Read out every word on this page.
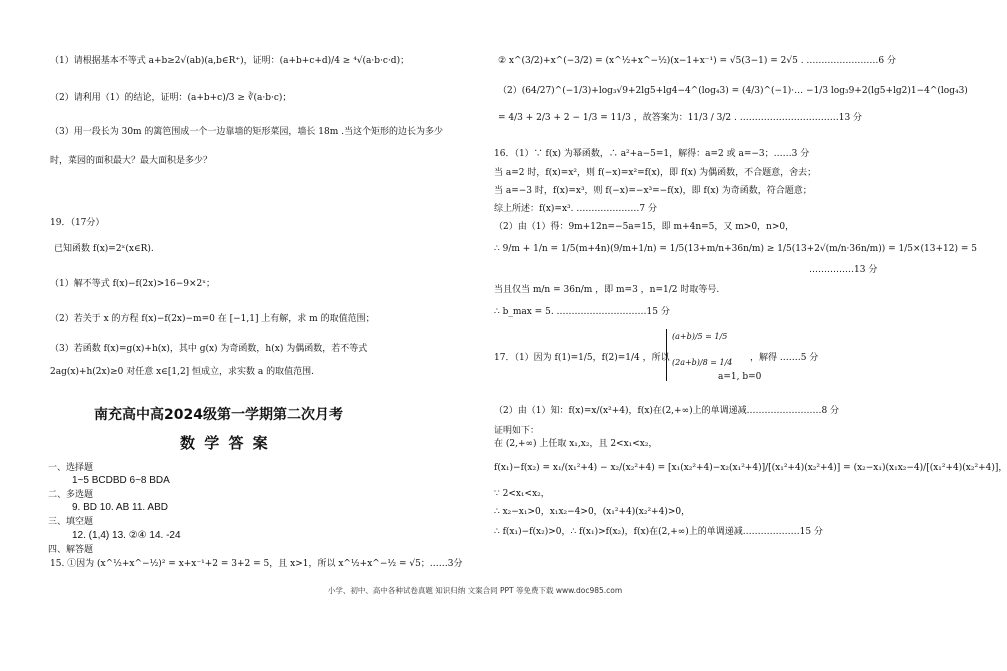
南充高中高2024级第一学期第二次月考
数 学 答 案
15. ①因为 (x^½+x^−½)² = x+x⁻¹+2 = 3+2 = 5，且 x>1，所以 x^½+x^−½ = √5；……3分
(a+b)/5 = 1/5
(2a+b)/8 = 1/4
小学、初中、高中各种试卷真题 知识归纳 文案合同 PPT 等免费下载 www.doc985.com
（1）请根据基本不等式 a+b≥2√(ab)(a,b∈R⁺)，证明：(a+b+c+d)/4 ≥ ⁴√(a·b·c·d)；
（2）请利用（1）的结论，证明：(a+b+c)/3 ≥ ∛(a·b·c)；
（3）用一段长为 30m 的篱笆围成一个一边靠墙的矩形菜园，墙长 18m .当这个矩形的边长为多少
时，菜园的面积最大？最大面积是多少？
19．（17分）
已知函数 f(x)=2ˣ(x∈R).
（1）解不等式 f(x)−f(2x)>16−9×2ˣ；
（2）若关于 x 的方程 f(x)−f(2x)−m=0 在 [−1,1] 上有解，求 m 的取值范围；
（3）若函数 f(x)=g(x)+h(x)，其中 g(x) 为奇函数，h(x) 为偶函数，若不等式
2ag(x)+h(2x)≥0 对任意 x∈[1,2] 恒成立，求实数 a 的取值范围.
② x^(3/2)+x^(−3/2) = (x^½+x^−½)(x−1+x⁻¹) = √5(3−1) = 2√5 . ……………………6 分
（2）(64/27)^(−1/3)+log₃√9+2lg5+lg4−4^(log₄3) = (4/3)^(−1)·… −1/3 log₃9+2(lg5+lg2)1−4^(log₄3)
= 4/3 + 2/3 + 2 − 1/3 = 11/3 ，故答案为：11/3 / 3/2 . ……………………………13 分
16．（1）∵ f(x) 为幂函数，∴ a²+a−5=1，解得：a=2 或 a=−3；……3 分
当 a=2 时，f(x)=x²，则 f(−x)=x²=f(x)，即 f(x) 为偶函数，不合题意，舍去；
当 a=−3 时，f(x)=x³，则 f(−x)=−x³=−f(x)，即 f(x) 为奇函数，符合题意；
综上所述：f(x)=x³. …………………7 分
（2）由（1）得：9m+12n=−5a=15，即 m+4n=5，又 m>0，n>0，
∴ 9/m + 1/n = 1/5(m+4n)(9/m+1/n) = 1/5(13+m/n+36n/m) ≥ 1/5(13+2√(m/n·36n/m)) = 1/5×(13+12) = 5
……………13 分
当且仅当 m/n = 36n/m ，即 m=3 ，n=1/2 时取等号.
∴ b_max = 5. …………………………15 分
17．（1）因为 f(1)=1/5，f(2)=1/4 ，所以	，解得 .……5 分
a=1, b=0
（2）由（1）知：f(x)=x/(x²+4)，f(x)在(2,+∞)上的单调递减.……………………8 分
证明如下：
在 (2,+∞) 上任取 x₁,x₂，且 2<x₁<x₂，
f(x₁)−f(x₂) = x₁/(x₁²+4) − x₂/(x₂²+4) = [x₁(x₂²+4)−x₂(x₁²+4)]/[(x₁²+4)(x₂²+4)] = (x₂−x₁)(x₁x₂−4)/[(x₁²+4)(x₂²+4)]，
∵ 2<x₁<x₂，
∴ x₂−x₁>0，x₁x₂−4>0，(x₁²+4)(x₂²+4)>0，
∴ f(x₁)−f(x₂)>0，∴ f(x₁)>f(x₂)，f(x)在(2,+∞)上的单调递减.………………15 分
一、选择题
1~5 BCDBD 6~8 BDA
二、多选题
9. BD 10. AB 11. ABD
三、填空题
12. (1,4) 13. ②④ 14. -24
四、解答题
